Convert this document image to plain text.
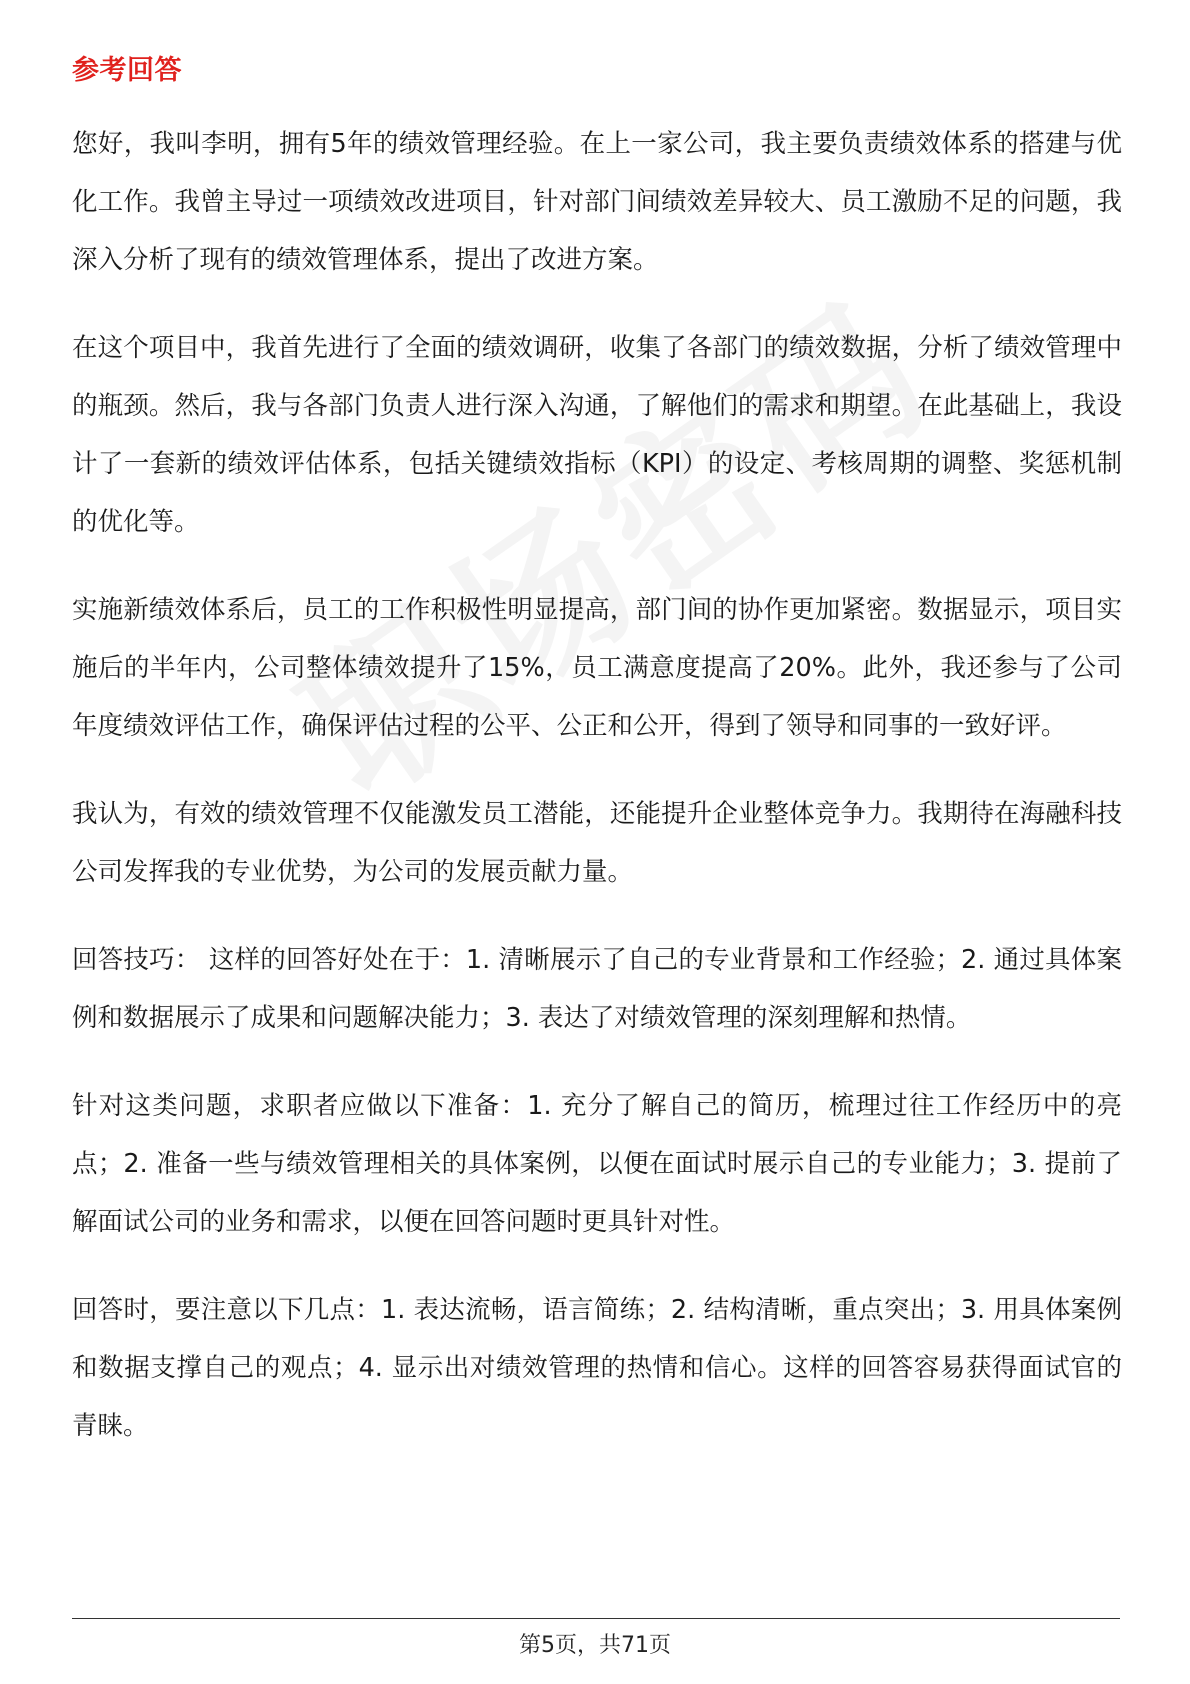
参考回答

您好，我叫李明，拥有5年的绩效管理经验。在上一家公司，我主要负责绩效体系的搭建与优化工作。我曾主导过一项绩效改进项目，针对部门间绩效差异较大、员工激励不足的问题，我深入分析了现有的绩效管理体系，提出了改进方案。

在这个项目中，我首先进行了全面的绩效调研，收集了各部门的绩效数据，分析了绩效管理中的瓶颈。然后，我与各部门负责人进行深入沟通，了解他们的需求和期望。在此基础上，我设计了一套新的绩效评估体系，包括关键绩效指标（KPI）的设定、考核周期的调整、奖惩机制的优化等。

实施新绩效体系后，员工的工作积极性明显提高，部门间的协作更加紧密。数据显示，项目实施后的半年内，公司整体绩效提升了15%，员工满意度提高了20%。此外，我还参与了公司年度绩效评估工作，确保评估过程的公平、公正和公开，得到了领导和同事的一致好评。

我认为，有效的绩效管理不仅能激发员工潜能，还能提升企业整体竞争力。我期待在海融科技公司发挥我的专业优势，为公司的发展贡献力量。

回答技巧： 这样的回答好处在于：1. 清晰展示了自己的专业背景和工作经验；2. 通过具体案例和数据展示了成果和问题解决能力；3. 表达了对绩效管理的深刻理解和热情。

针对这类问题，求职者应做以下准备：1. 充分了解自己的简历，梳理过往工作经历中的亮点；2. 准备一些与绩效管理相关的具体案例，以便在面试时展示自己的专业能力；3. 提前了解面试公司的业务和需求，以便在回答问题时更具针对性。

回答时，要注意以下几点：1. 表达流畅，语言简练；2. 结构清晰，重点突出；3. 用具体案例和数据支撑自己的观点；4. 显示出对绩效管理的热情和信心。这样的回答容易获得面试官的青睐。

第5页，共71页
